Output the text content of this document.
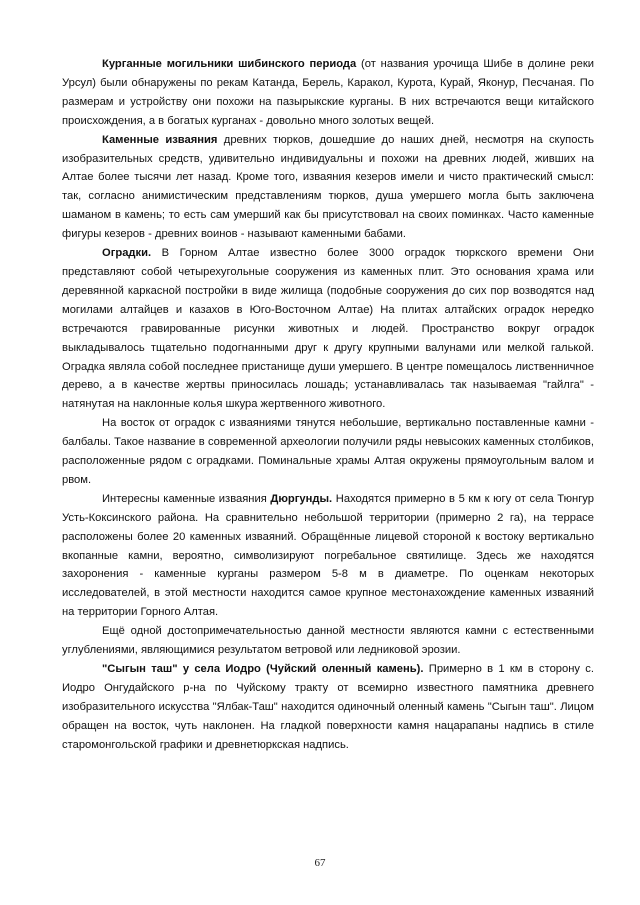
Курганные могильники шибинского периода (от названия урочища Шибе в долине реки Урсул) были обнаружены по рекам Катанда, Берель, Каракол, Курота, Курай, Яконур, Песчаная. По размерам и устройству они похожи на пазырыкские курганы. В них встречаются вещи китайского происхождения, а в богатых курганах - довольно много золотых вещей.

Каменные изваяния древних тюрков, дошедшие до наших дней, несмотря на скупость изобразительных средств, удивительно индивидуальны и похожи на древних людей, живших на Алтае более тысячи лет назад. Кроме того, изваяния кезеров имели и чисто практический смысл: так, согласно анимистическим представлениям тюрков, душа умершего могла быть заключена шаманом в камень; то есть сам умерший как бы присутствовал на своих поминках. Часто каменные фигуры кезеров - древних воинов - называют каменными бабами.

Оградки. В Горном Алтае известно более 3000 оградок тюркского времени Они представляют собой четырехугольные сооружения из каменных плит. Это основания храма или деревянной каркасной постройки в виде жилища (подобные сооружения до сих пор возводятся над могилами алтайцев и казахов в Юго-Восточном Алтае) На плитах алтайских оградок нередко встречаются гравированные рисунки животных и людей. Пространство вокруг оградок выкладывалось тщательно подогнанными друг к другу крупными валунами или мелкой галькой. Оградка являла собой последнее пристанище души умершего. В центре помещалось лиственничное дерево, а в качестве жертвы приносилась лошадь; устанавливалась так называемая "гайлга" - натянутая на наклонные колья шкура жертвенного животного.

На восток от оградок с изваяниями тянутся небольшие, вертикально поставленные камни - балбалы. Такое название в современной археологии получили ряды невысоких каменных столбиков, расположенные рядом с оградками. Поминальные храмы Алтая окружены прямоугольным валом и рвом.

Интересны каменные изваяния Дюргунды. Находятся примерно в 5 км к югу от села Тюнгур Усть-Коксинского района. На сравнительно небольшой территории (примерно 2 га), на террасе расположены более 20 каменных изваяний. Обращённые лицевой стороной к востоку вертикально вкопанные камни, вероятно, символизируют погребальное святилище. Здесь же находятся захоронения - каменные курганы размером 5-8 м в диаметре. По оценкам некоторых исследователей, в этой местности находится самое крупное местонахождение каменных изваяний на территории Горного Алтая.

Ещё одной достопримечательностью данной местности являются камни с естественными углублениями, являющимися результатом ветровой или ледниковой эрозии.

"Сыгын таш" у села Иодро (Чуйский оленный камень). Примерно в 1 км в сторону с. Иодро Онгудайского р-на по Чуйскому тракту от всемирно известного памятника древнего изобразительного искусства "Ялбак-Таш" находится одиночный оленный камень "Сыгын таш". Лицом обращен на восток, чуть наклонен. На гладкой поверхности камня нацарапаны надпись в стиле старомонгольской графики и древнетюркская надпись.

67
